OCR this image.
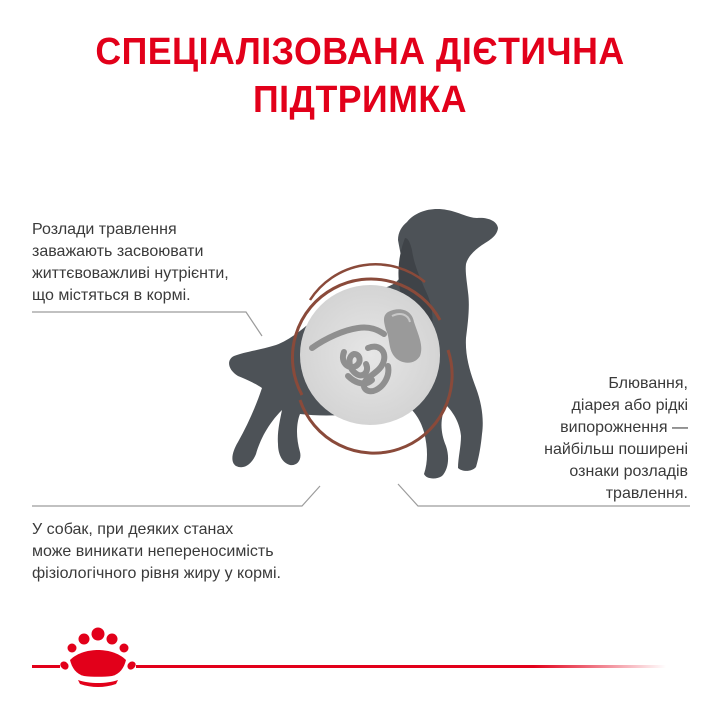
СПЕЦІАЛІЗОВАНА ДІЄТИЧНА
ПІДТРИМКА
Розлади травлення
заважають засвоювати
життєвоважливі нутрієнти,
що містяться в кормі.
Блювання,
діарея або рідкі
випорожнення —
найбільш поширені
ознаки розладів
травлення.
У собак, при деяких станах
може виникати непереносимість
фізіологічного рівня жиру у кормі.
